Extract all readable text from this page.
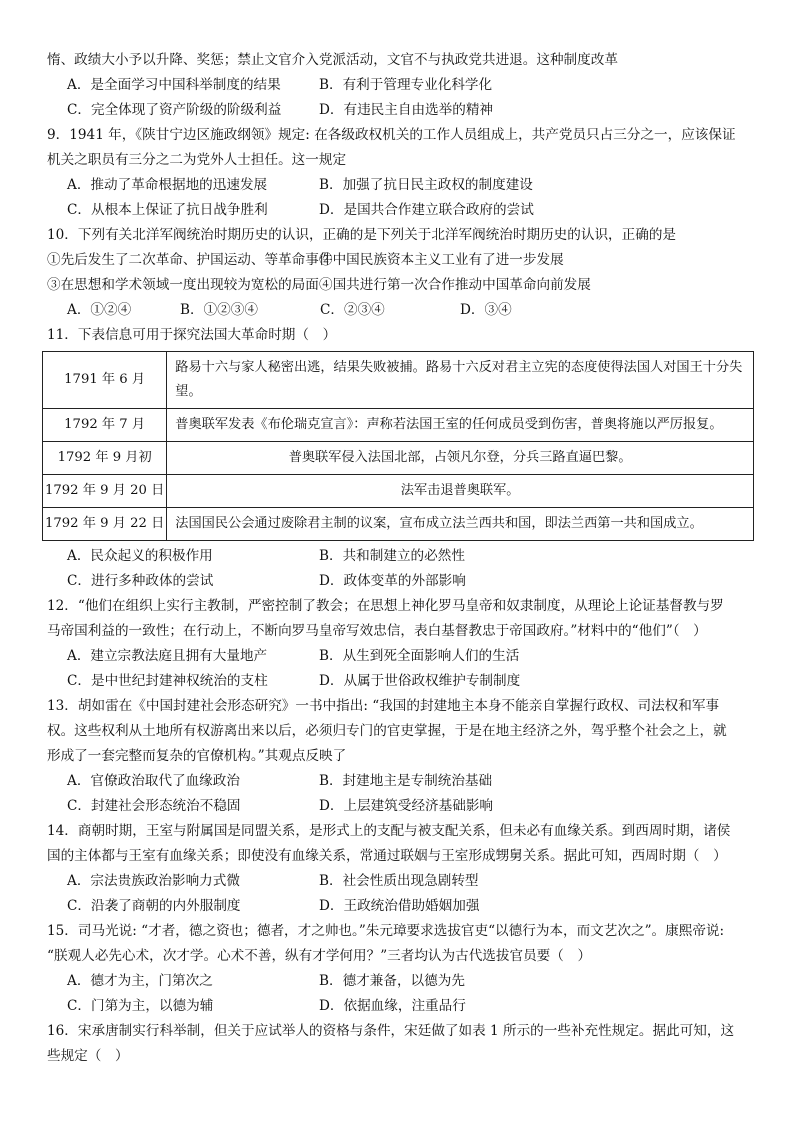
惰、政绩大小予以升降、奖惩；禁止文官介入党派活动，文官不与执政党共进退。这种制度改革
A．是全面学习中国科举制度的结果	B．有利于管理专业化科学化
C．完全体现了资产阶级的阶级利益	D．有违民主自由选举的精神
9．1941 年，《陕甘宁边区施政纲领》规定: 在各级政权机关的工作人员组成上，共产党员只占三分之一，应该保证
机关之职员有三分之二为党外人士担任。这一规定
A．推动了革命根据地的迅速发展	B．加强了抗日民主政权的制度建设
C．从根本上保证了抗日战争胜利	D．是国共合作建立联合政府的尝试
10．下列有关北洋军阀统治时期历史的认识，正确的是下列关于北洋军阀统治时期历史的认识，正确的是
①先后发生了二次革命、护国运动、等革命事件
②中国民族资本主义工业有了进一步发展
③在思想和学术领域一度出现较为宽松的局面 ④国共进行第一次合作推动中国革命向前发展
A．①②④	B．①②③④	C．②③④	D．③④
11．下表信息可用于探究法国大革命时期（　）
1791 年 6 月	路易十六与家人秘密出逃，结果失败被捕。路易十六反对君主立宪的态度使得法国人对国王十分失望。
1792 年 7 月	普奥联军发表《布伦瑞克宣言》：声称若法国王室的任何成员受到伤害，普奥将施以严厉报复。
1792 年 9 月初	普奥联军侵入法国北部，占领凡尔登，分兵三路直逼巴黎。
1792 年 9 月 20 日	法军击退普奥联军。
1792 年 9 月 22 日	法国国民公会通过废除君主制的议案，宣布成立法兰西共和国，即法兰西第一共和国成立。
A．民众起义的积极作用	B．共和制建立的必然性
C．进行多种政体的尝试	D．政体变革的外部影响
12．“他们在组织上实行主教制，严密控制了教会；在思想上神化罗马皇帝和奴隶制度，从理论上论证基督教与罗
马帝国利益的一致性；在行动上，不断向罗马皇帝写效忠信，表白基督教忠于帝国政府。”材料中的“他们”（　）
A．建立宗教法庭且拥有大量地产	B．从生到死全面影响人们的生活
C．是中世纪封建神权统治的支柱	D．从属于世俗政权维护专制制度
13．胡如雷在《中国封建社会形态研究》一书中指出: “我国的封建地主本身不能亲自掌握行政权、司法权和军事
权。这些权利从土地所有权游离出来以后，必须归专门的官吏掌握，于是在地主经济之外，驾乎整个社会之上，就
形成了一套完整而复杂的官僚机构。”其观点反映了
A．官僚政治取代了血缘政治	B．封建地主是专制统治基础
C．封建社会形态统治不稳固	D．上层建筑受经济基础影响
14．商朝时期，王室与附属国是同盟关系，是形式上的支配与被支配关系，但未必有血缘关系。到西周时期，诸侯
国的主体都与王室有血缘关系；即使没有血缘关系，常通过联姻与王室形成甥舅关系。据此可知，西周时期（　）
A．宗法贵族政治影响力式微	B．社会性质出现急剧转型
C．沿袭了商朝的内外服制度	D．王政统治借助婚姻加强
15．司马光说: “才者，德之资也；德者，才之帅也。”朱元璋要求选拔官吏“以德行为本，而文艺次之”。康熙帝说:
“朕观人必先心术，次才学。心术不善，纵有才学何用？”三者均认为古代选拔官员要（　）
A．德才为主，门第次之	B．德才兼备，以德为先
C．门第为主，以德为辅	D．依据血缘，注重品行
16．宋承唐制实行科举制，但关于应试举人的资格与条件，宋廷做了如表 1 所示的一些补充性规定。据此可知，这
些规定（　）
